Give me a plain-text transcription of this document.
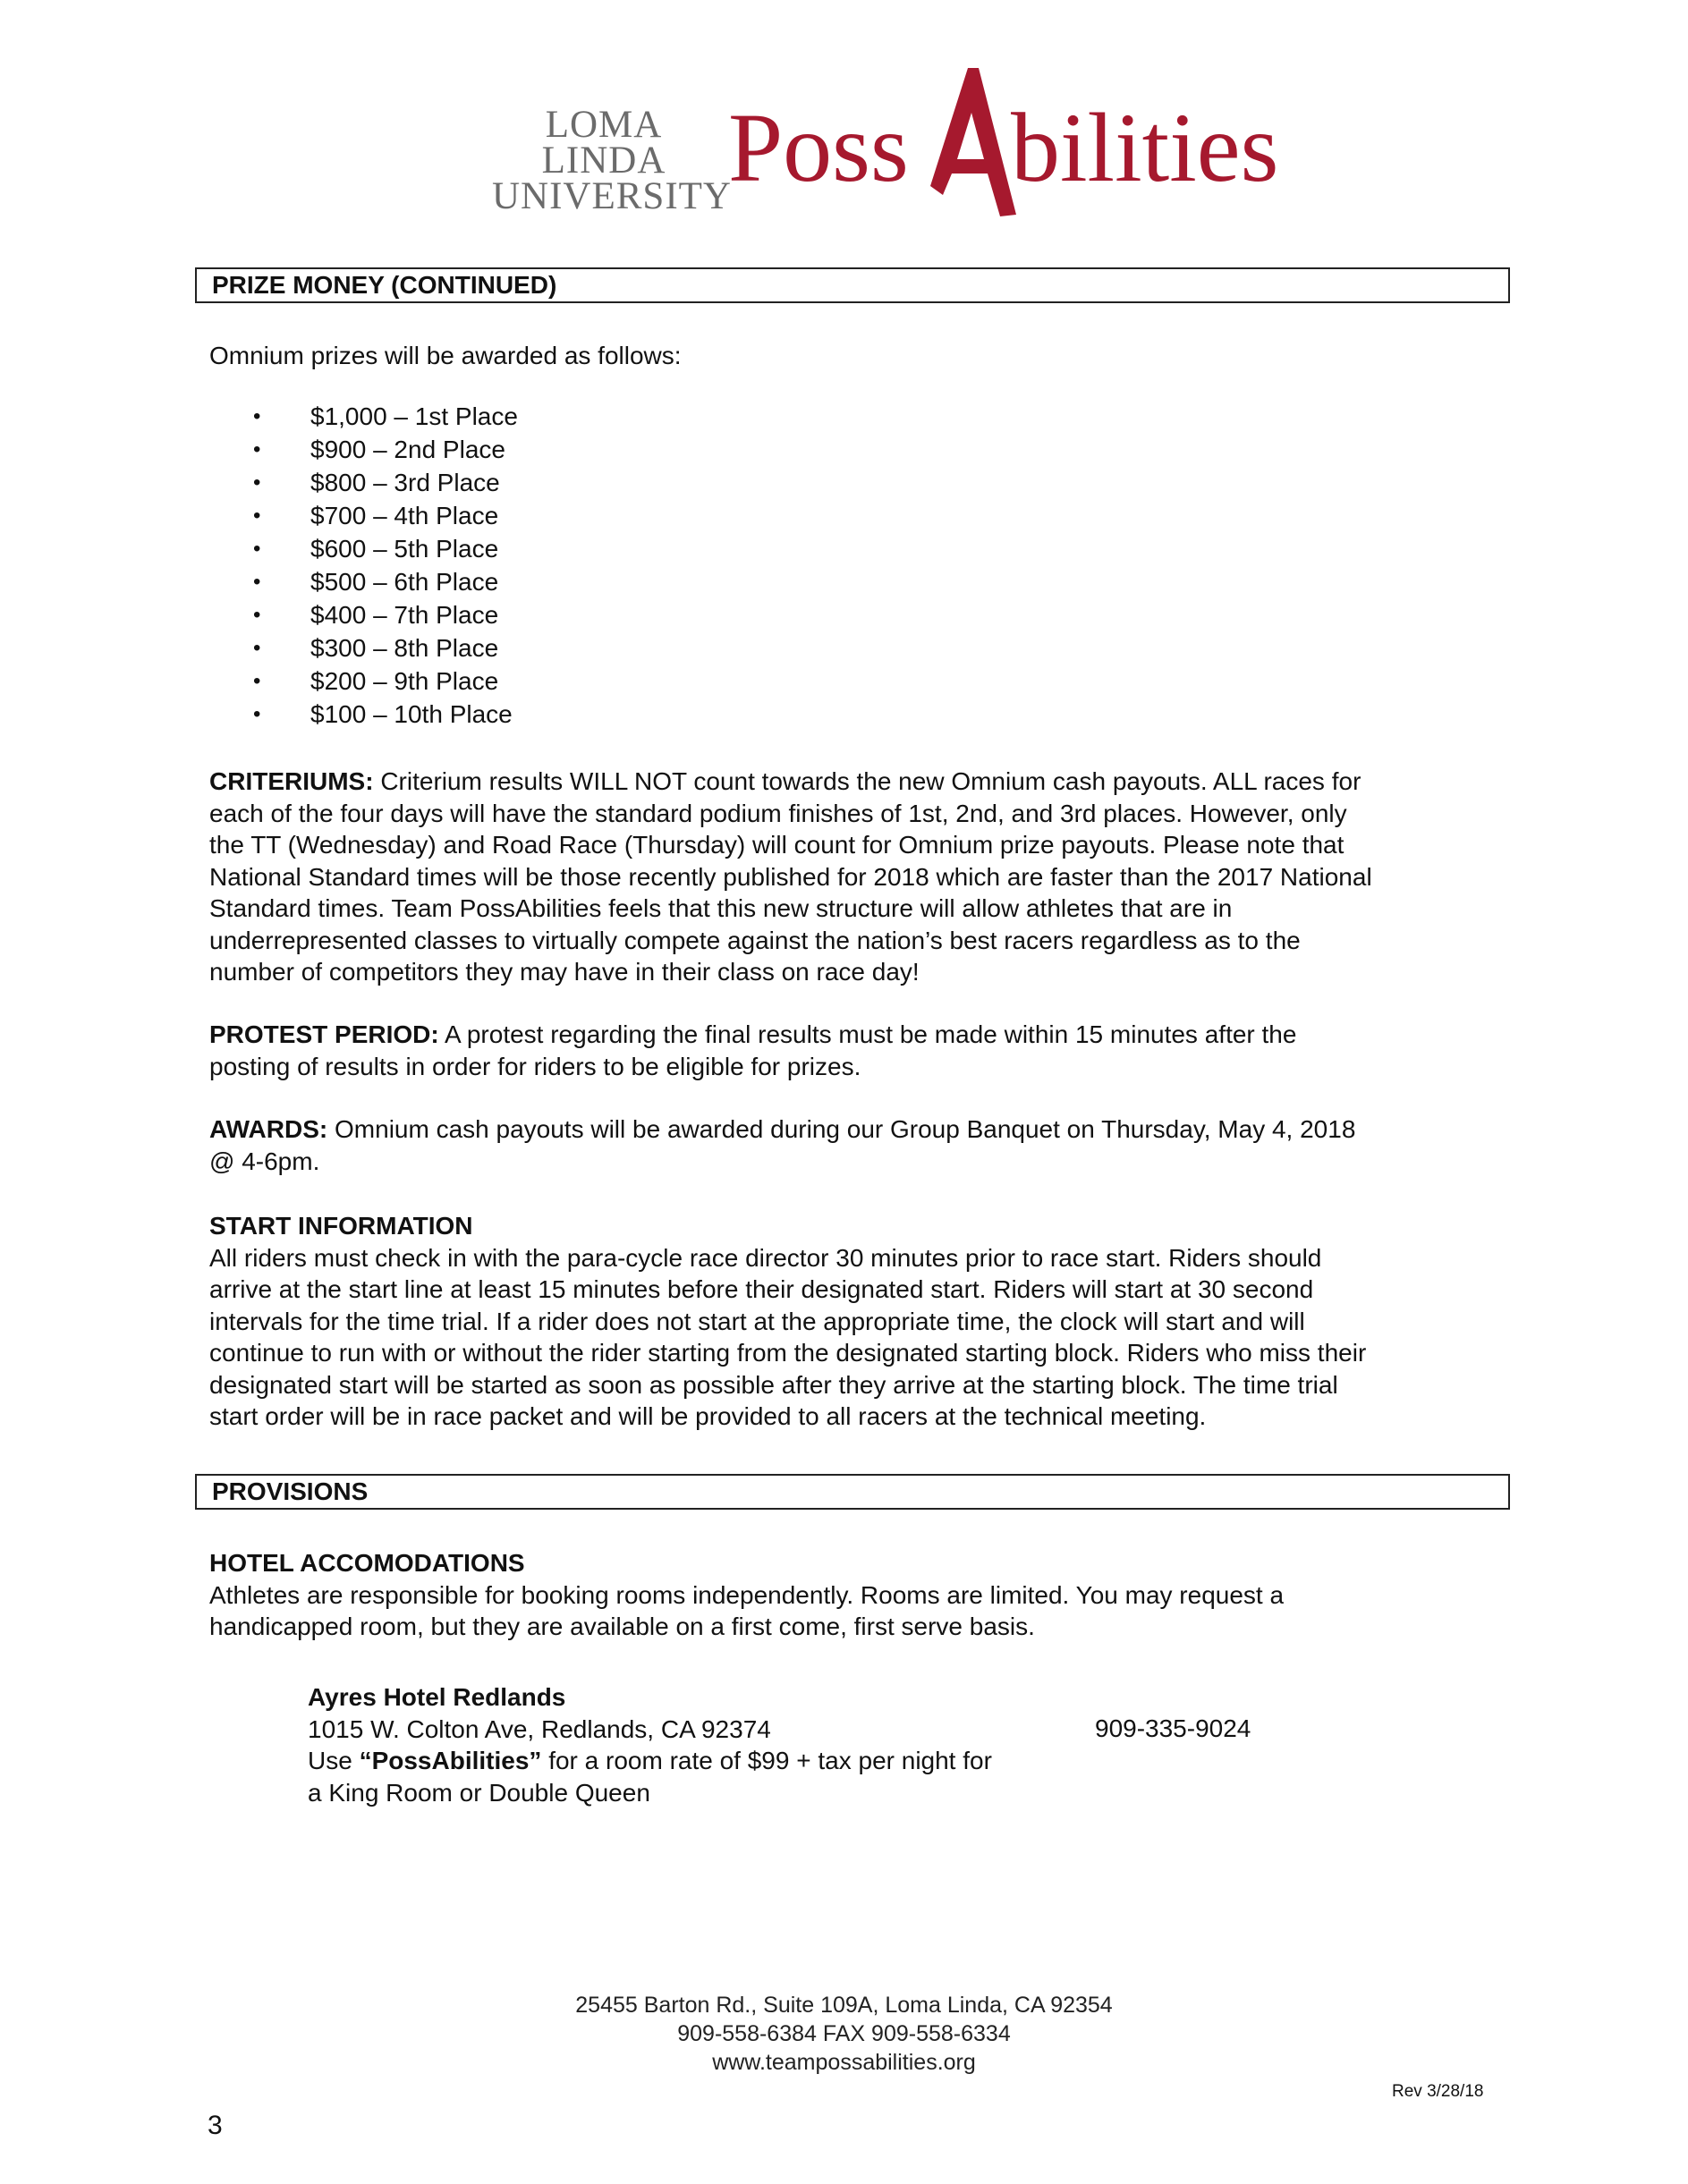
LOMA LINDA
UNIVERSITY
Poss bilities
PRIZE MONEY (CONTINUED)
Omnium prizes will be awarded as follows:
• $1,000 – 1st Place
• $900 – 2nd Place
• $800 – 3rd Place
• $700 – 4th Place
• $600 – 5th Place
• $500 – 6th Place
• $400 – 7th Place
• $300 – 8th Place
• $200 – 9th Place
• $100 – 10th Place
CRITERIUMS: Criterium results WILL NOT count towards the new Omnium cash payouts. ALL races for
each of the four days will have the standard podium finishes of 1st, 2nd, and 3rd places. However, only
the TT (Wednesday) and Road Race (Thursday) will count for Omnium prize payouts. Please note that
National Standard times will be those recently published for 2018 which are faster than the 2017 National
Standard times. Team PossAbilities feels that this new structure will allow athletes that are in
underrepresented classes to virtually compete against the nation’s best racers regardless as to the
number of competitors they may have in their class on race day!
PROTEST PERIOD: A protest regarding the final results must be made within 15 minutes after the
posting of results in order for riders to be eligible for prizes.
AWARDS: Omnium cash payouts will be awarded during our Group Banquet on Thursday, May 4, 2018
@ 4-6pm.
START INFORMATION
All riders must check in with the para-cycle race director 30 minutes prior to race start. Riders should
arrive at the start line at least 15 minutes before their designated start. Riders will start at 30 second
intervals for the time trial. If a rider does not start at the appropriate time, the clock will start and will
continue to run with or without the rider starting from the designated starting block. Riders who miss their
designated start will be started as soon as possible after they arrive at the starting block. The time trial
start order will be in race packet and will be provided to all racers at the technical meeting.
PROVISIONS
HOTEL ACCOMODATIONS
Athletes are responsible for booking rooms independently. Rooms are limited. You may request a
handicapped room, but they are available on a first come, first serve basis.
Ayres Hotel Redlands
1015 W. Colton Ave, Redlands, CA 92374
Use “PossAbilities” for a room rate of $99 + tax per night for
a King Room or Double Queen
909-335-9024
25455 Barton Rd., Suite 109A, Loma Linda, CA 92354
909-558-6384 FAX 909-558-6334
www.teampossabilities.org
Rev 3/28/18
3
